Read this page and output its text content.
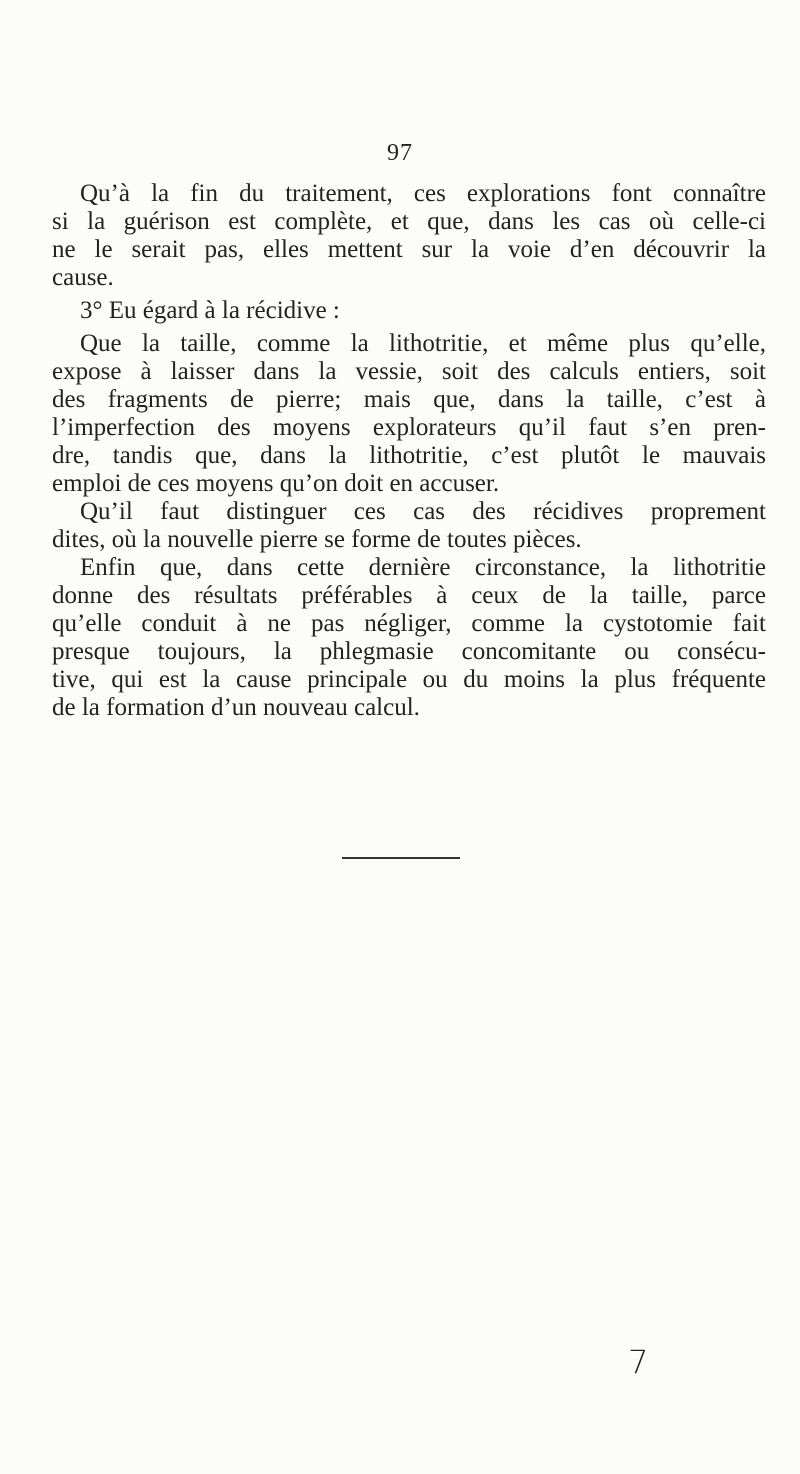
97
Qu’à la fin du traitement, ces explorations font connaître
si la guérison est complète, et que, dans les cas où celle-ci
ne le serait pas, elles mettent sur la voie d’en découvrir la
cause.
3° Eu égard à la récidive :
Que la taille, comme la lithotritie, et même plus qu’elle,
expose à laisser dans la vessie, soit des calculs entiers, soit
des fragments de pierre; mais que, dans la taille, c’est à
l’imperfection des moyens explorateurs qu’il faut s’en pren-
dre, tandis que, dans la lithotritie, c’est plutôt le mauvais
emploi de ces moyens qu’on doit en accuser.
Qu’il faut distinguer ces cas des récidives proprement
dites, où la nouvelle pierre se forme de toutes pièces.
Enfin que, dans cette dernière circonstance, la lithotritie
donne des résultats préférables à ceux de la taille, parce
qu’elle conduit à ne pas négliger, comme la cystotomie fait
presque toujours, la phlegmasie concomitante ou consécu-
tive, qui est la cause principale ou du moins la plus fréquente
de la formation d’un nouveau calcul.
7
